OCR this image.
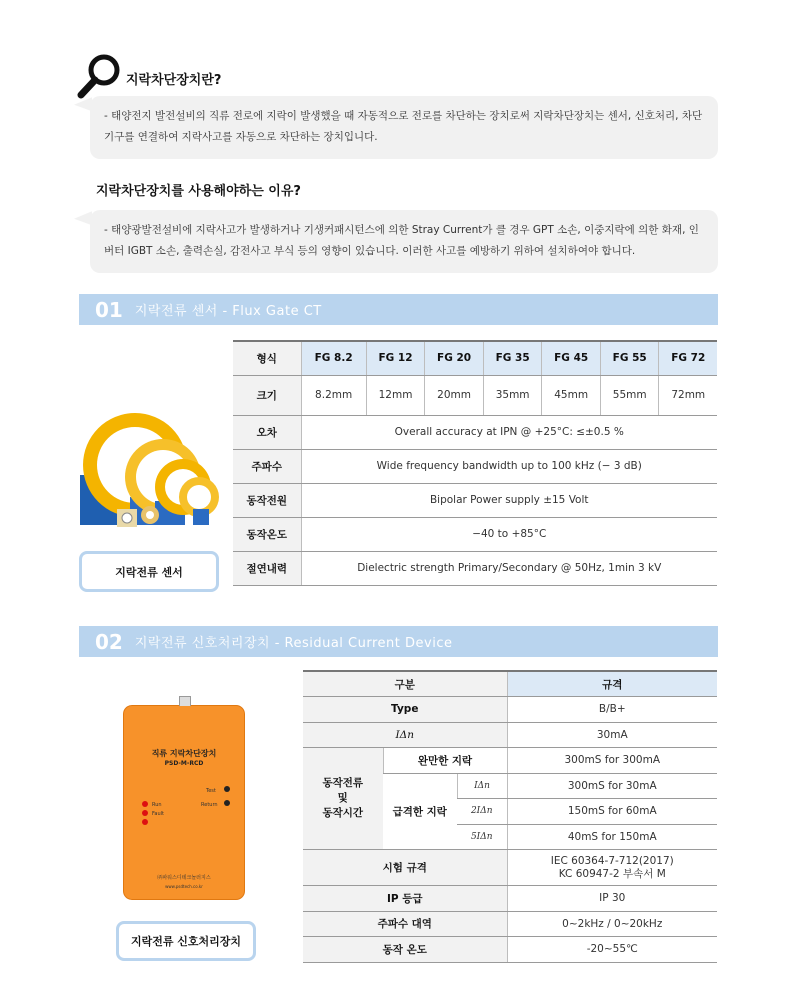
지락차단장치란?
- 태양전지 발전설비의 직류 전로에 지락이 발생했을 때 자동적으로 전로를 차단하는 장치로써 지락차단장치는 센서, 신호처리, 차단기구를 연결하여 지락사고를 자동으로 차단하는 장치입니다.
지락차단장치를 사용해야하는 이유?
- 태양광발전설비에 지락사고가 발생하거나 기생커패시턴스에 의한 Stray Current가 클 경우 GPT 소손, 이중지락에 의한 화재, 인버터 IGBT 소손, 출력손실, 감전사고 부식 등의 영향이 있습니다. 이러한 사고를 예방하기 위하여 설치하여야 합니다.
01 지락전류 센서 - Flux Gate CT
지락전류 센서
형식	FG 8.2	FG 12	FG 20	FG 35	FG 45	FG 55	FG 72
크기	8.2mm	12mm	20mm	35mm	45mm	55mm	72mm
오차	Overall accuracy at IPN @ +25°C: ≤±0.5 %						
주파수	Wide frequency bandwidth up to 100 kHz (− 3 dB)						
동작전원	Bipolar Power supply ±15 Volt						
동작온도	−40 to +85°C						
절연내력	Dielectric strength Primary/Secondary @ 50Hz, 1min 3 kV						
02 지락전류 신호처리장치 - Residual Current Device
직류 지락차단장치
PSD-M-RCD
Test
Return
Run
Fault
㈜파워스디테크놀러지스
www.psdtech.co.kr
지락전류 신호처리장치
구분			규격
Type			B/B+
IΔn			30mA

동작전류
및
동작시간	완만한 지락		300mS for 300mA
	급격한 지락	IΔn	300mS for 30mA
		2IΔn	150mS for 60mA
		5IΔn	40mS for 150mA
시험 규격			IEC 60364-7-712(2017)
KC 60947-2 부속서 M

IP 등급			IP 30
주파수 대역			0~2kHz / 0~20kHz
동작 온도			-20~55℃
